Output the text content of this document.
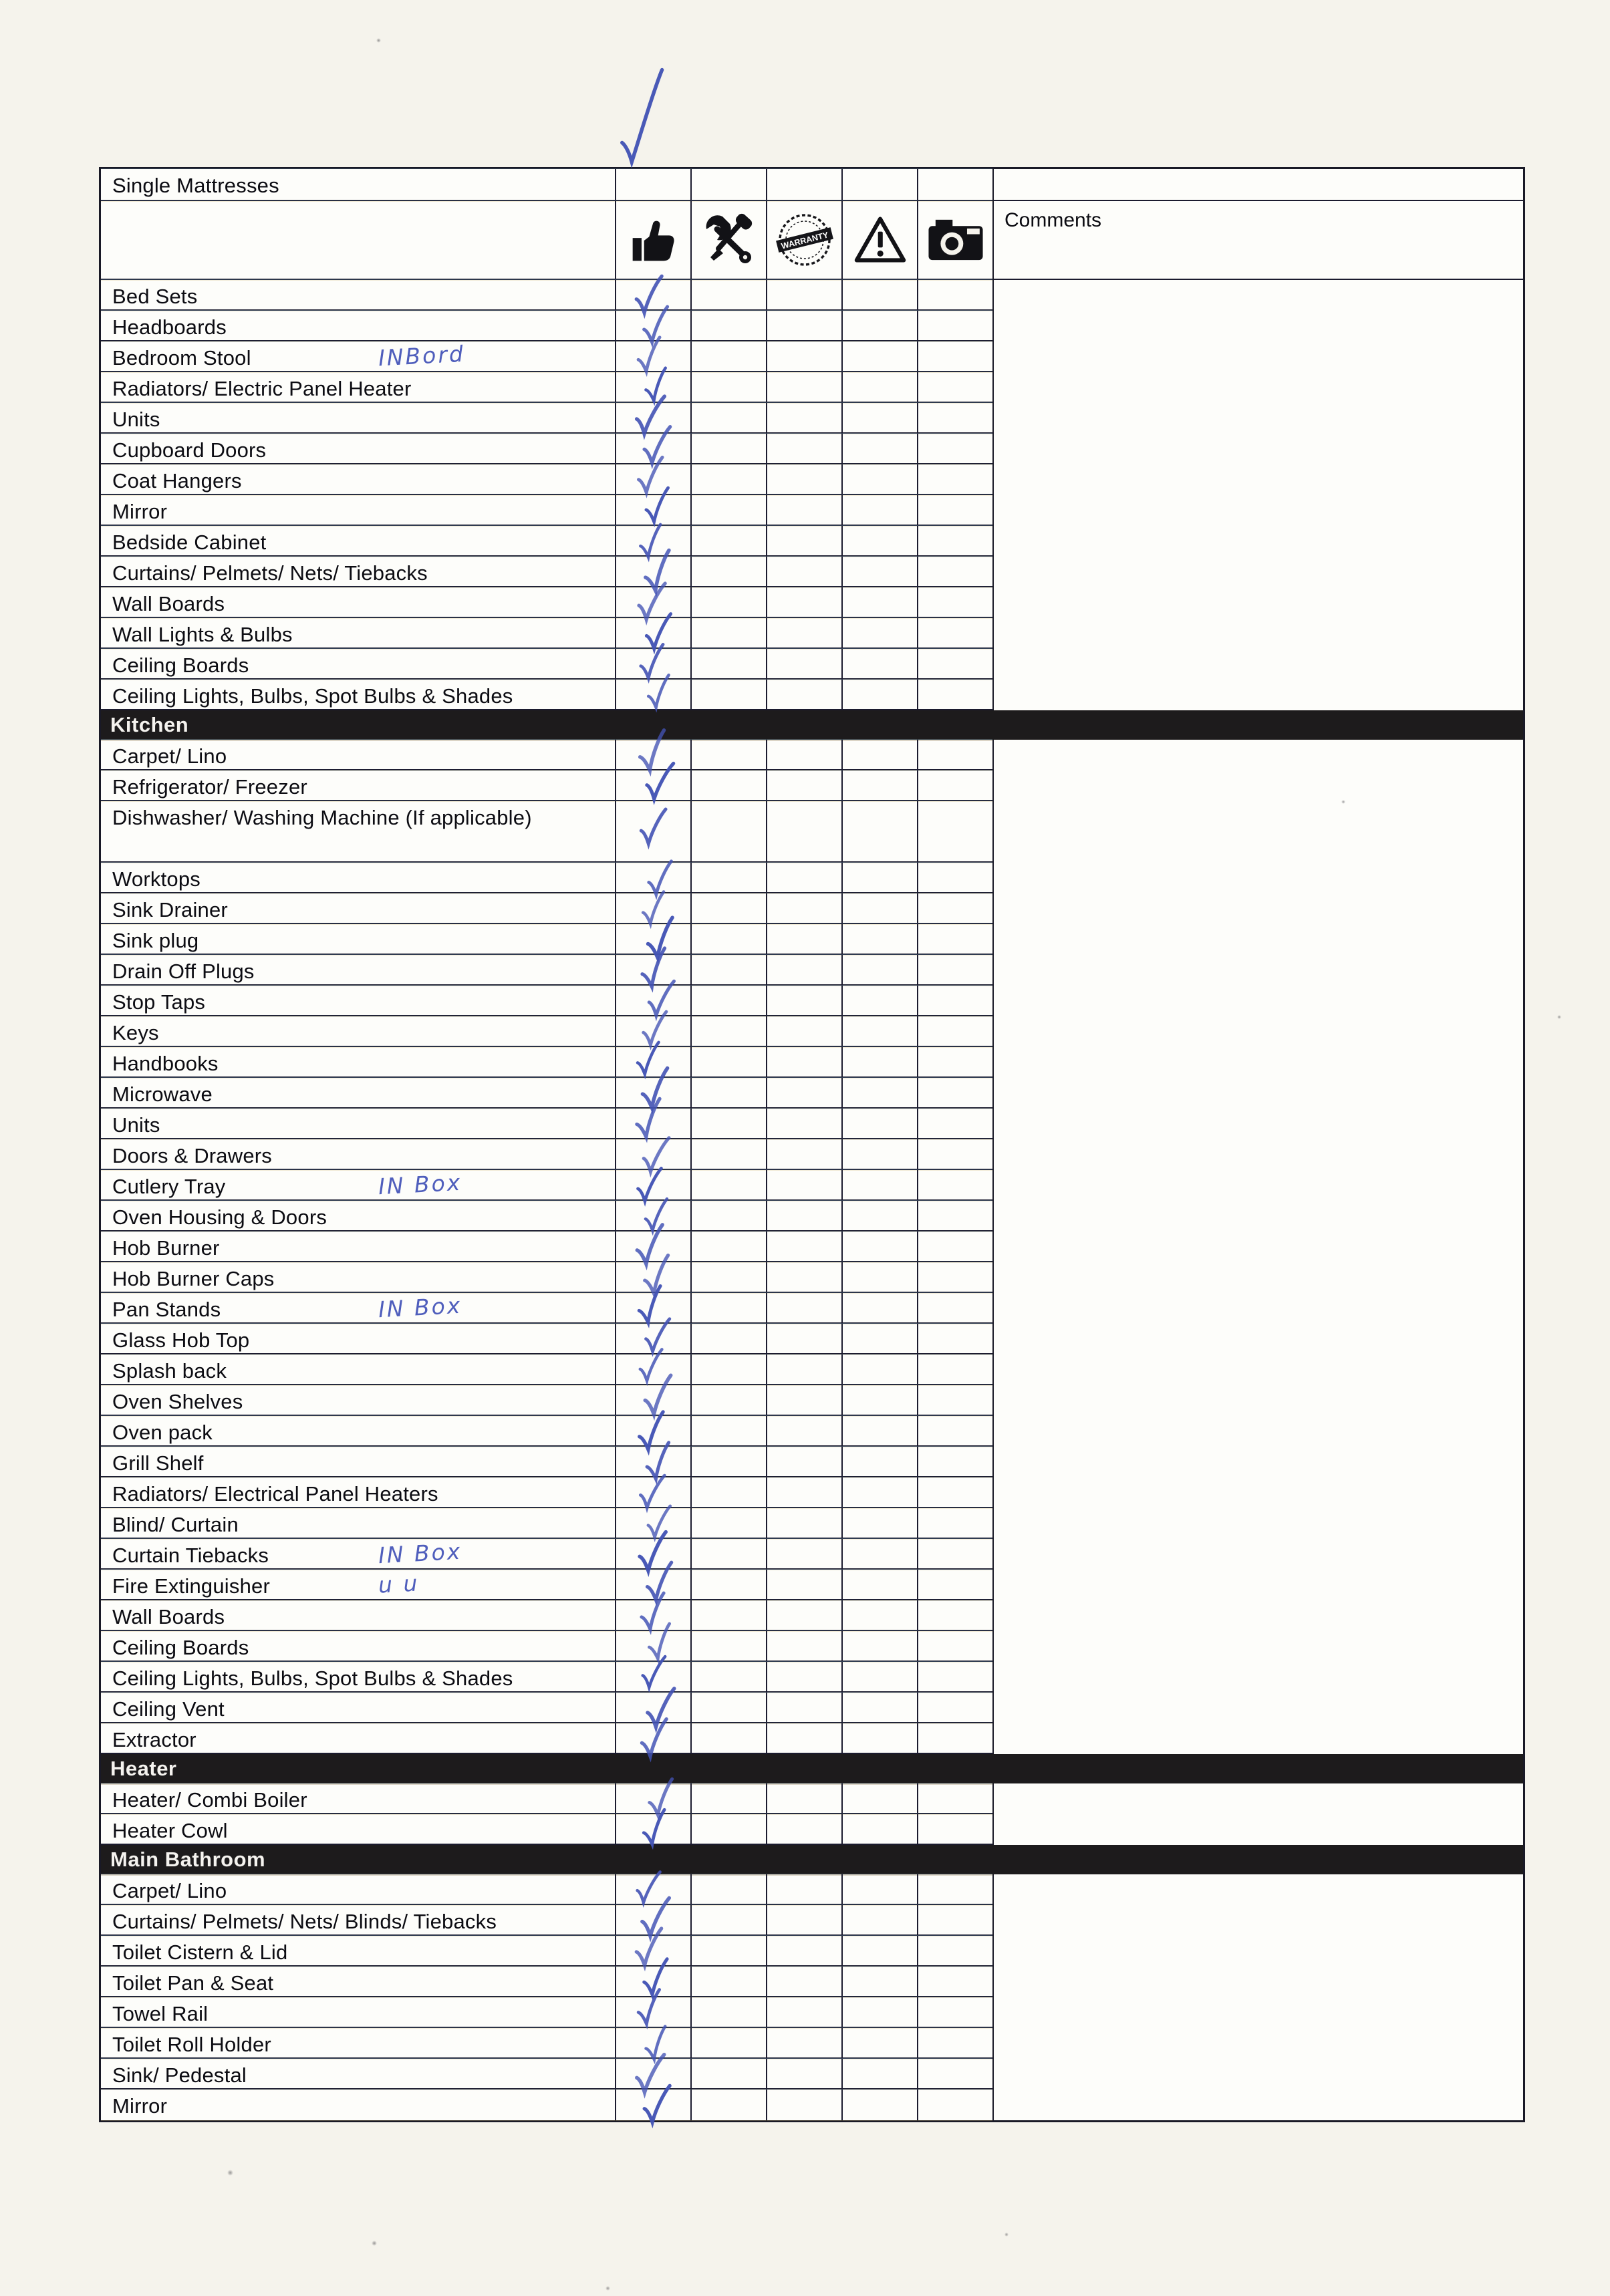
Single Mattresses
WARRANTY
Bed Sets
Headboards
Bedroom Stool	INBord
Radiators/ Electric Panel Heater
Units
Cupboard Doors
Coat Hangers
Mirror
Bedside Cabinet
Curtains/ Pelmets/ Nets/ Tiebacks
Wall Boards
Wall Lights & Bulbs
Ceiling Boards
Ceiling Lights, Bulbs, Spot Bulbs & Shades
Comments
Kitchen
Carpet/ Lino
Refrigerator/ Freezer
Dishwasher/ Washing Machine (If applicable)
Worktops
Sink Drainer
Sink plug
Drain Off Plugs
Stop Taps
Keys
Handbooks
Microwave
Units
Doors & Drawers
Cutlery Tray	IN Box
Oven Housing & Doors
Hob Burner
Hob Burner Caps
Pan Stands	IN Box
Glass Hob Top
Splash back
Oven Shelves
Oven pack
Grill Shelf
Radiators/ Electrical Panel Heaters
Blind/ Curtain
Curtain Tiebacks	IN Box
Fire Extinguisher	u u
Wall Boards
Ceiling Boards
Ceiling Lights, Bulbs, Spot Bulbs & Shades
Ceiling Vent
Extractor
Heater
Heater/ Combi Boiler
Heater Cowl
Main Bathroom
Carpet/ Lino
Curtains/ Pelmets/ Nets/ Blinds/ Tiebacks
Toilet Cistern & Lid
Toilet Pan & Seat
Towel Rail
Toilet Roll Holder
Sink/ Pedestal
Mirror
